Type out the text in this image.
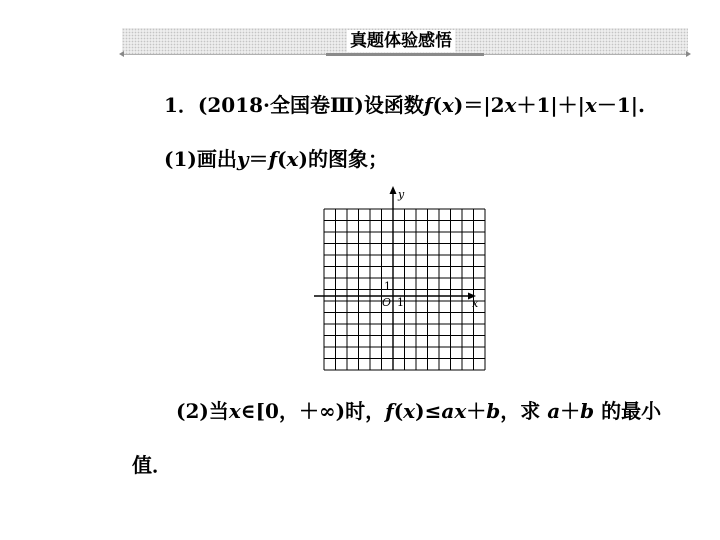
真题体验感悟
1．(2018·全国卷Ⅲ)设函数f(x)＝|2x＋1|＋|x－1|.
(1)画出y＝f(x)的图象；
y
x
O 1
1
(2)当x∈[0，＋∞)时，f(x)≤ax＋b，求 a＋b 的最小
值．
